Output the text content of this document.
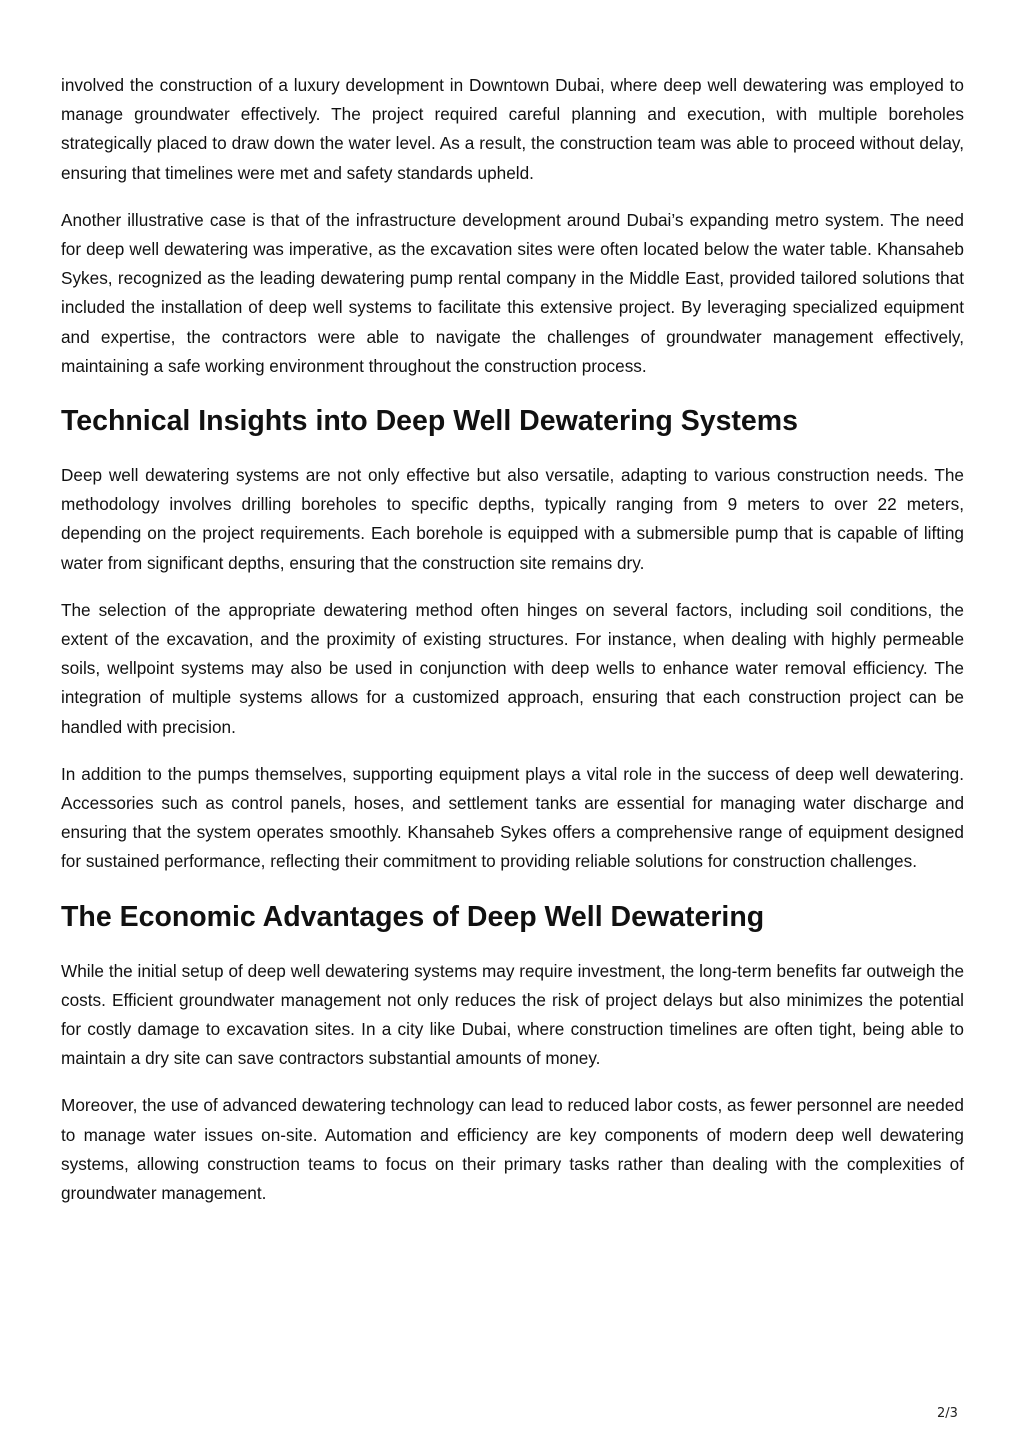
involved the construction of a luxury development in Downtown Dubai, where deep well dewatering was employed to manage groundwater effectively. The project required careful planning and execution, with multiple boreholes strategically placed to draw down the water level. As a result, the construction team was able to proceed without delay, ensuring that timelines were met and safety standards upheld.

Another illustrative case is that of the infrastructure development around Dubai’s expanding metro system. The need for deep well dewatering was imperative, as the excavation sites were often located below the water table. Khansaheb Sykes, recognized as the leading dewatering pump rental company in the Middle East, provided tailored solutions that included the installation of deep well systems to facilitate this extensive project. By leveraging specialized equipment and expertise, the contractors were able to navigate the challenges of groundwater management effectively, maintaining a safe working environment throughout the construction process.

Technical Insights into Deep Well Dewatering Systems

Deep well dewatering systems are not only effective but also versatile, adapting to various construction needs. The methodology involves drilling boreholes to specific depths, typically ranging from 9 meters to over 22 meters, depending on the project requirements. Each borehole is equipped with a submersible pump that is capable of lifting water from significant depths, ensuring that the construction site remains dry.

The selection of the appropriate dewatering method often hinges on several factors, including soil conditions, the extent of the excavation, and the proximity of existing structures. For instance, when dealing with highly permeable soils, wellpoint systems may also be used in conjunction with deep wells to enhance water removal efficiency. The integration of multiple systems allows for a customized approach, ensuring that each construction project can be handled with precision.

In addition to the pumps themselves, supporting equipment plays a vital role in the success of deep well dewatering. Accessories such as control panels, hoses, and settlement tanks are essential for managing water discharge and ensuring that the system operates smoothly. Khansaheb Sykes offers a comprehensive range of equipment designed for sustained performance, reflecting their commitment to providing reliable solutions for construction challenges.

The Economic Advantages of Deep Well Dewatering

While the initial setup of deep well dewatering systems may require investment, the long-term benefits far outweigh the costs. Efficient groundwater management not only reduces the risk of project delays but also minimizes the potential for costly damage to excavation sites. In a city like Dubai, where construction timelines are often tight, being able to maintain a dry site can save contractors substantial amounts of money.

Moreover, the use of advanced dewatering technology can lead to reduced labor costs, as fewer personnel are needed to manage water issues on-site. Automation and efficiency are key components of modern deep well dewatering systems, allowing construction teams to focus on their primary tasks rather than dealing with the complexities of groundwater management.

2/3
